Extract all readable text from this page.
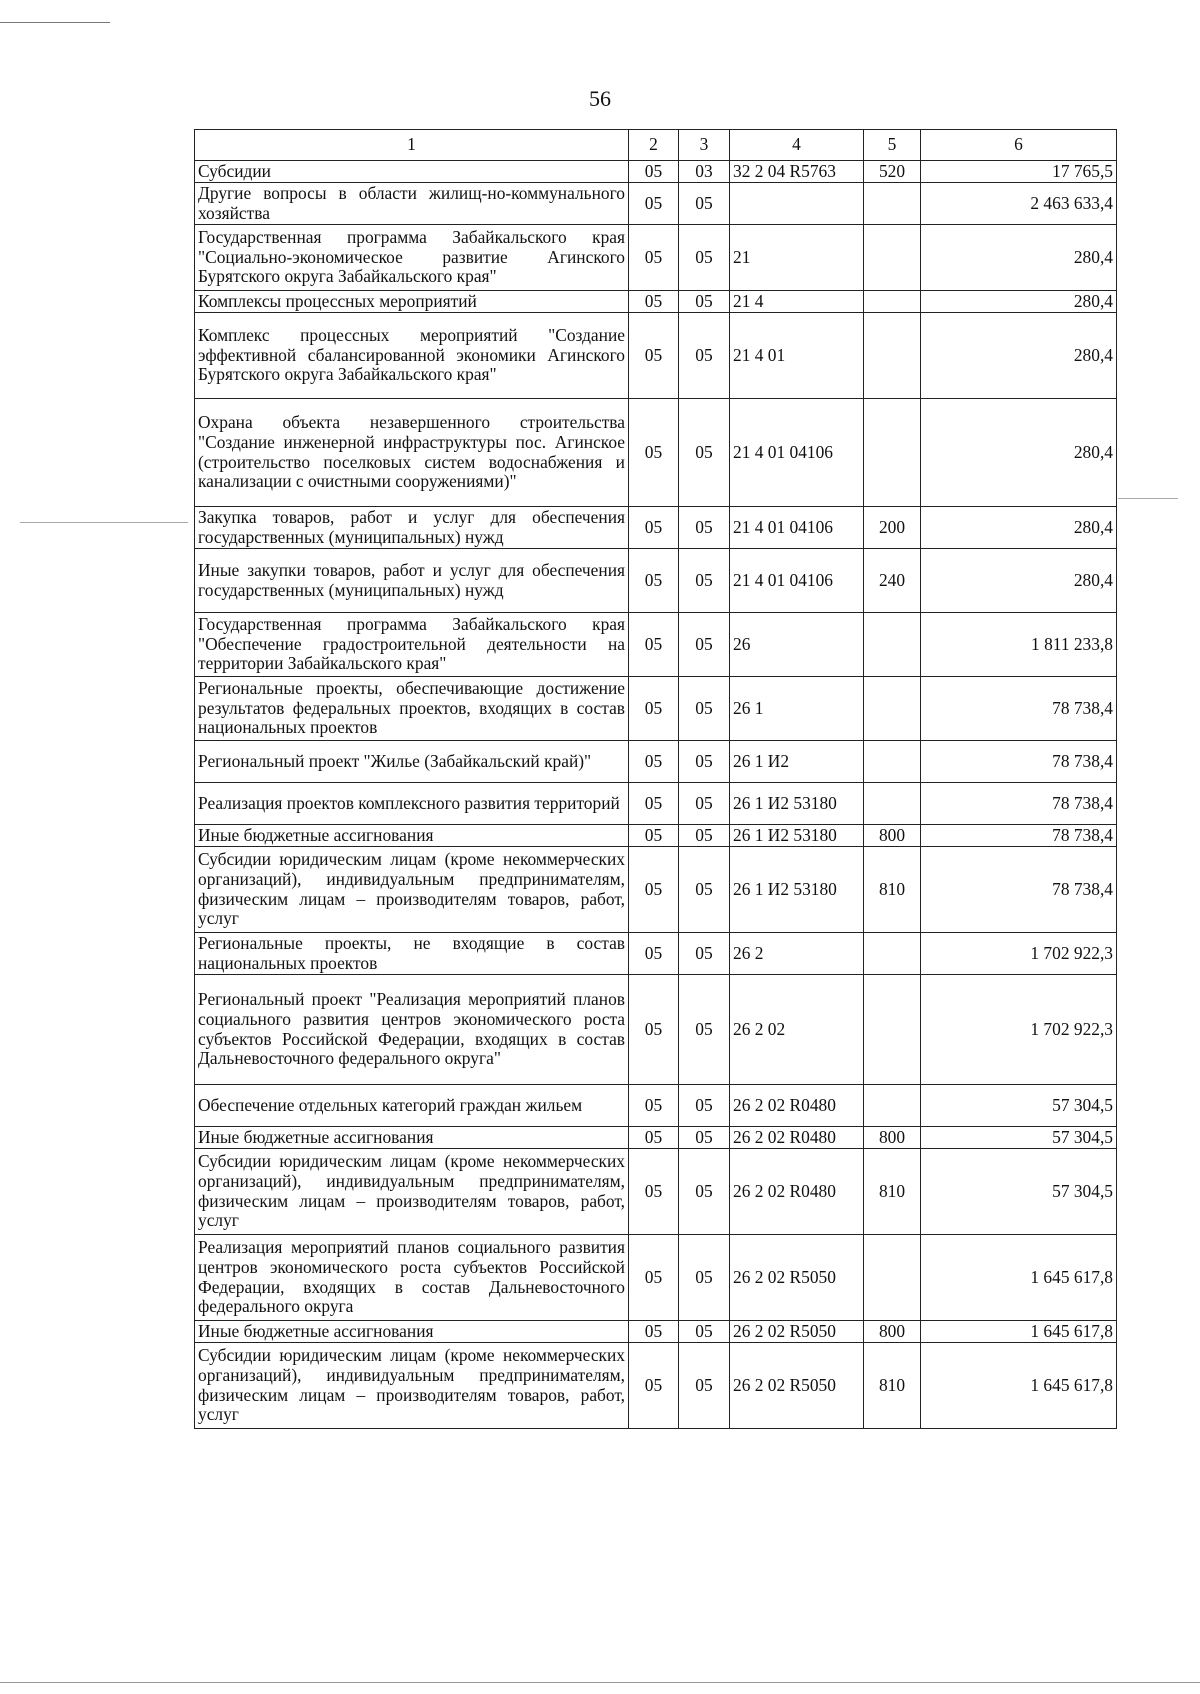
56
1	2	3	4	5	6
Субсидии	05	03	32 2 04 R5763	520	17 765,5
Другие вопросы в области жилищ-но-коммунального хозяйства	05	05			2 463 633,4
Государственная программа Забайкальского края "Социально-экономическое развитие Агинского Бурятского округа Забайкальского края"	05	05	21		280,4
Комплексы процессных мероприятий	05	05	21 4		280,4
Комплекс процессных мероприятий "Создание эффективной сбалансированной экономики Агинского Бурятского округа Забайкальского края"	05	05	21 4 01		280,4
Охрана объекта незавершенного строительства "Создание инженерной инфраструктуры пос. Агинское (строительство поселковых систем водоснабжения и канализации с очистными сооружениями)"	05	05	21 4 01 04106		280,4
Закупка товаров, работ и услуг для обеспечения государственных (муниципальных) нужд	05	05	21 4 01 04106	200	280,4
Иные закупки товаров, работ и услуг для обеспечения государственных (муниципальных) нужд	05	05	21 4 01 04106	240	280,4
Государственная программа Забайкальского края "Обеспечение градостроительной деятельности на территории Забайкальского края"	05	05	26		1 811 233,8
Региональные проекты, обеспечивающие достижение результатов федеральных проектов, входящих в состав национальных проектов	05	05	26 1		78 738,4
Региональный проект "Жилье (Забайкальский край)"	05	05	26 1 И2		78 738,4
Реализация проектов комплексного развития территорий	05	05	26 1 И2 53180		78 738,4
Иные бюджетные ассигнования	05	05	26 1 И2 53180	800	78 738,4
Субсидии юридическим лицам (кроме некоммерческих организаций), индивидуальным предпринимателям, физическим лицам – производителям товаров, работ, услуг	05	05	26 1 И2 53180	810	78 738,4
Региональные проекты, не входящие в состав национальных проектов	05	05	26 2		1 702 922,3
Региональный проект "Реализация мероприятий планов социального развития центров экономического роста субъектов Российской Федерации, входящих в состав Дальневосточного федерального округа"	05	05	26 2 02		1 702 922,3
Обеспечение отдельных категорий граждан жильем	05	05	26 2 02 R0480		57 304,5
Иные бюджетные ассигнования	05	05	26 2 02 R0480	800	57 304,5
Субсидии юридическим лицам (кроме некоммерческих организаций), индивидуальным предпринимателям, физическим лицам – производителям товаров, работ, услуг	05	05	26 2 02 R0480	810	57 304,5
Реализация мероприятий планов социального развития центров экономического роста субъектов Российской Федерации, входящих в состав Дальневосточного федерального округа	05	05	26 2 02 R5050		1 645 617,8
Иные бюджетные ассигнования	05	05	26 2 02 R5050	800	1 645 617,8
Субсидии юридическим лицам (кроме некоммерческих организаций), индивидуальным предпринимателям, физическим лицам – производителям товаров, работ, услуг	05	05	26 2 02 R5050	810	1 645 617,8
